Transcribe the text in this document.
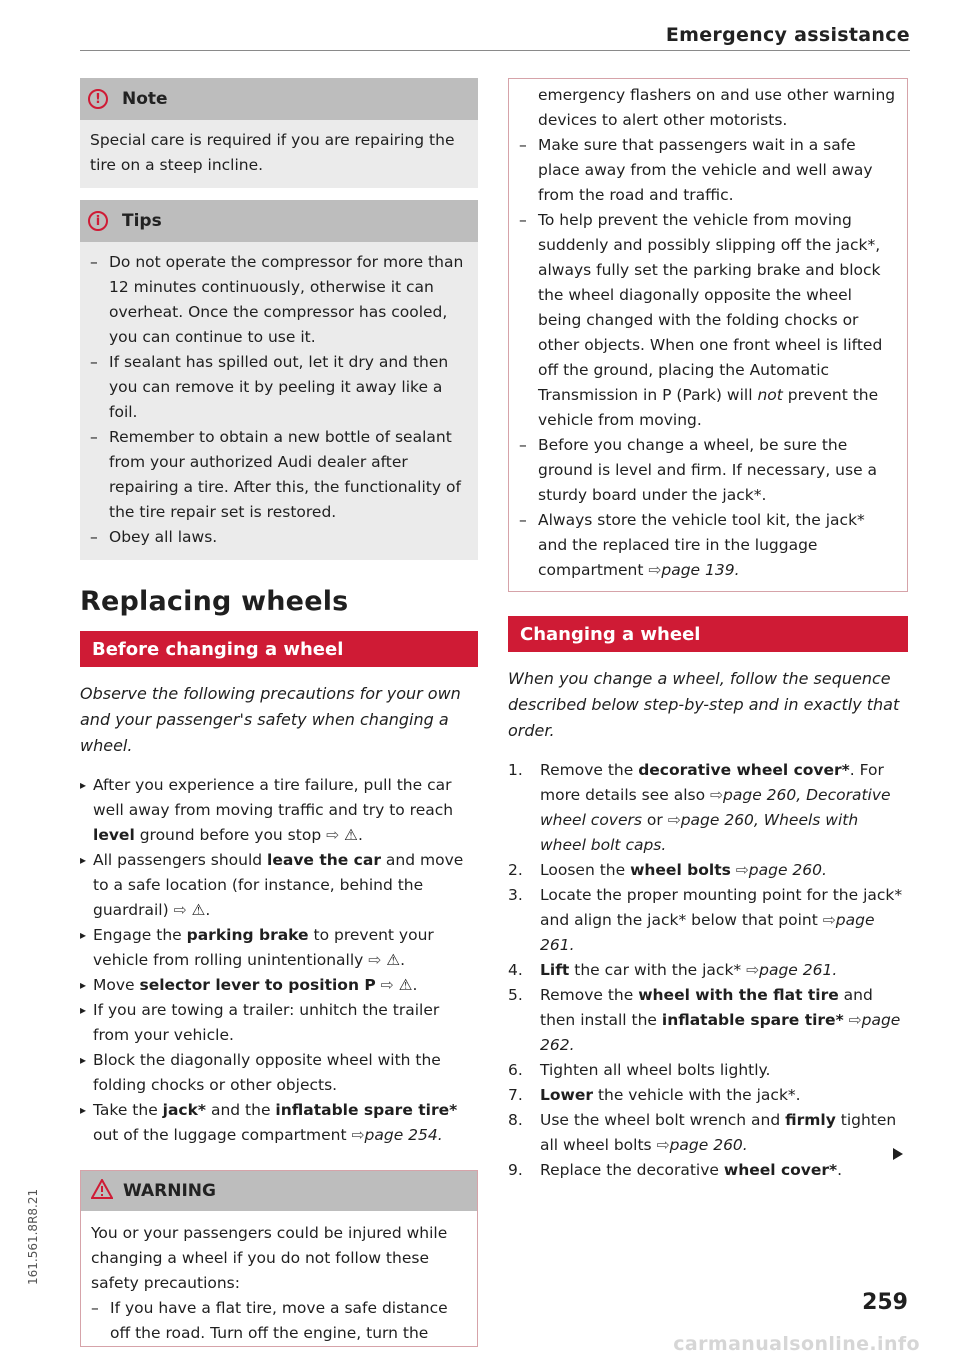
Emergency assistance
!	Note

Special care is required if you are repairing the tire on a steep incline.

i	Tips
– Do not operate the compressor for more than 12 minutes continuously, otherwise it can overheat. Once the compressor has cooled, you can continue to use it.
– If sealant has spilled out, let it dry and then you can remove it by peeling it away like a foil.
– Remember to obtain a new bottle of sealant from your authorized Audi dealer after repairing a tire. After this, the functionality of the tire repair set is restored.
– Obey all laws.
Replacing wheels
Before changing a wheel
Observe the following precautions for your own and your passenger's safety when changing a wheel.
▸ After you experience a tire failure, pull the car well away from moving traffic and try to reach level ground before you stop ⇨ ⚠.
▸ All passengers should leave the car and move to a safe location (for instance, behind the guardrail) ⇨ ⚠.
▸ Engage the parking brake to prevent your vehicle from rolling unintentionally ⇨ ⚠.
▸ Move selector lever to position P ⇨ ⚠.
▸ If you are towing a trailer: unhitch the trailer from your vehicle.
▸ Block the diagonally opposite wheel with the folding chocks or other objects.
▸ Take the jack* and the inflatable spare tire* out of the luggage compartment ⇨page 254.
WARNING

You or your passengers could be injured while changing a wheel if you do not follow these safety precautions:

– If you have a flat tire, move a safe distance off the road. Turn off the engine, turn the

emergency flashers on and use other warning devices to alert other motorists.

– Make sure that passengers wait in a safe place away from the vehicle and well away from the road and traffic.
– To help prevent the vehicle from moving suddenly and possibly slipping off the jack*, always fully set the parking brake and block the wheel diagonally opposite the wheel being changed with the folding chocks or other objects. When one front wheel is lifted off the ground, placing the Automatic Transmission in P (Park) will not prevent the vehicle from moving.
– Before you change a wheel, be sure the ground is level and firm. If necessary, use a sturdy board under the jack*.
– Always store the vehicle tool kit, the jack* and the replaced tire in the luggage compartment ⇨page 139.
Changing a wheel
When you change a wheel, follow the sequence described below step-by-step and in exactly that order.
1. Remove the decorative wheel cover*. For more details see also ⇨page 260, Decorative wheel covers or ⇨page 260, Wheels with wheel bolt caps.
2. Loosen the wheel bolts ⇨page 260.
3. Locate the proper mounting point for the jack* and align the jack* below that point ⇨page 261.
4. Lift the car with the jack* ⇨page 261.
5. Remove the wheel with the flat tire and then install the inflatable spare tire* ⇨page 262.
6. Tighten all wheel bolts lightly.
7. Lower the vehicle with the jack*.
8. Use the wheel bolt wrench and firmly tighten all wheel bolts ⇨page 260.
9. Replace the decorative wheel cover*.
259
161.561.8R8.21
carmanualsonline.info
